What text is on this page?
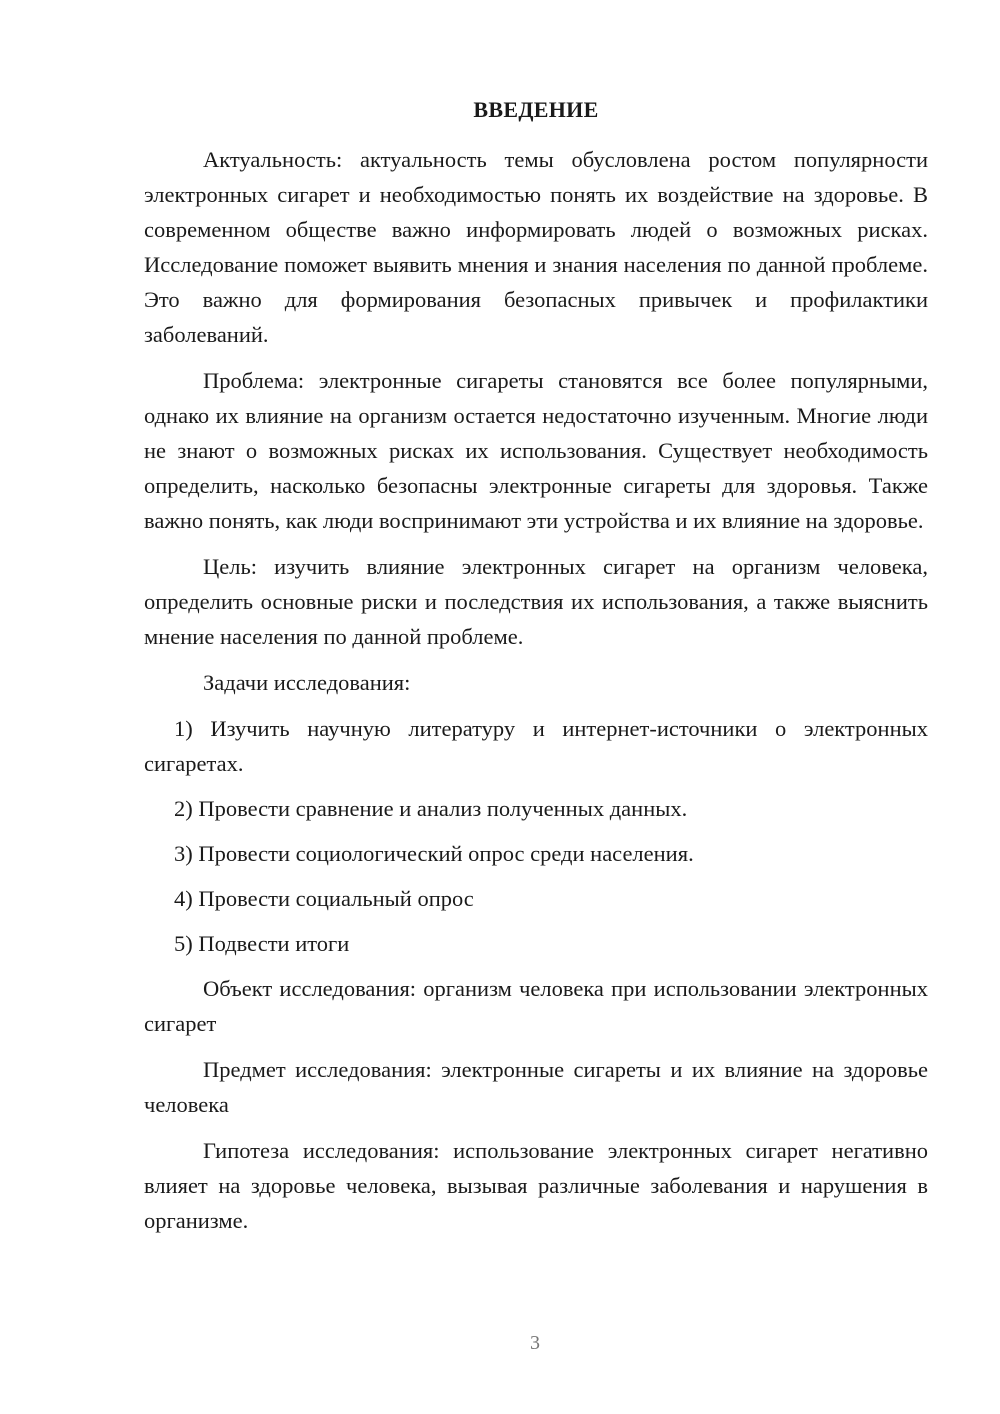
ВВЕДЕНИЕ

Актуальность: актуальность темы обусловлена ростом популярности электронных сигарет и необходимостью понять их воздействие на здоровье. В современном обществе важно информировать людей о возможных рисках. Исследование поможет выявить мнения и знания населения по данной проблеме. Это важно для формирования безопасных привычек и профилактики заболеваний.

Проблема: электронные сигареты становятся все более популярными, однако их влияние на организм остается недостаточно изученным. Многие люди не знают о возможных рисках их использования. Существует необходимость определить, насколько безопасны электронные сигареты для здоровья. Также важно понять, как люди воспринимают эти устройства и их влияние на здоровье.

Цель: изучить влияние электронных сигарет на организм человека, определить основные риски и последствия их использования, а также выяснить мнение населения по данной проблеме.

Задачи исследования:

1) Изучить научную литературу и интернет-источники о электронных сигаретах.

2) Провести сравнение и анализ полученных данных.

3) Провести социологический опрос среди населения.

4) Провести социальный опрос

5) Подвести итоги

Объект исследования: организм человека при использовании электронных сигарет

Предмет исследования: электронные сигареты и их влияние на здоровье человека

Гипотеза исследования: использование электронных сигарет негативно влияет на здоровье человека, вызывая различные заболевания и нарушения в организме.

3
